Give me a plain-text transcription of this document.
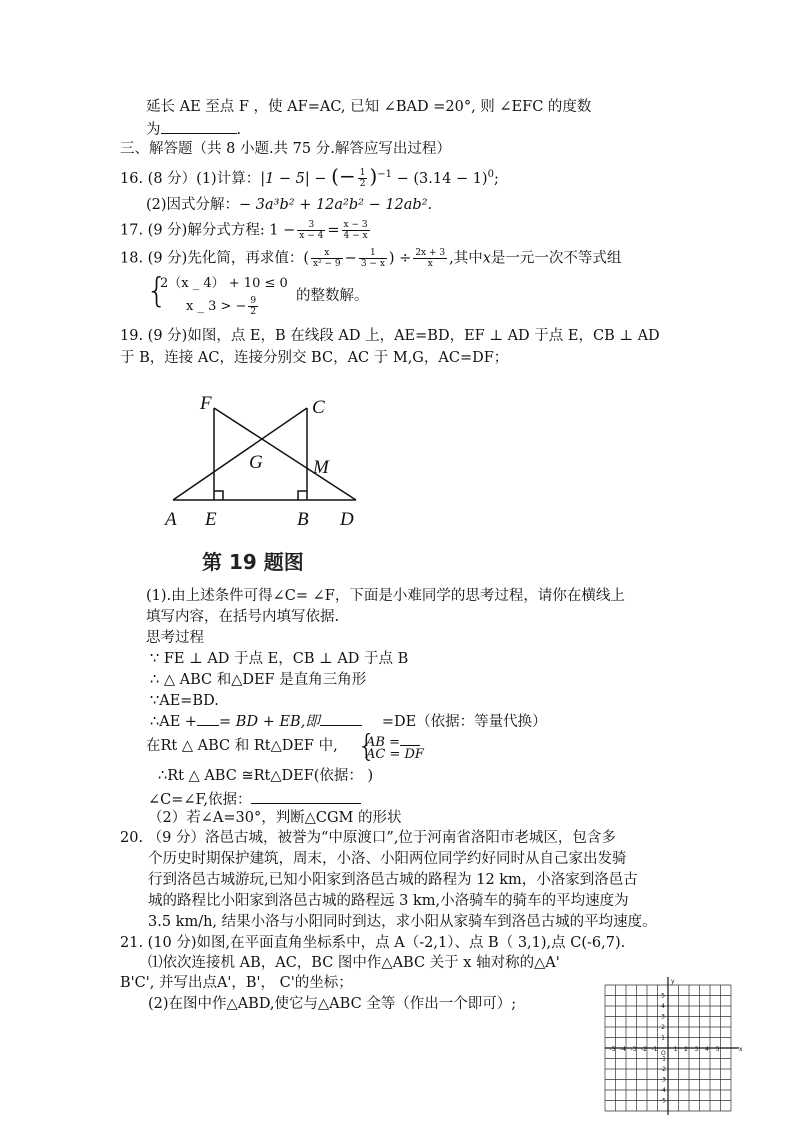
延长 AE 至点 F ，使 AF=AC, 已知 ∠BAD =20°, 则 ∠EFC 的度数
为	.
三、解答题（共 8 小题.共 75 分.解答应写出过程）
16. (8 分）(1)计算：|1 − 5| − (− $\frac{1}{2} )^{-1} - (3.14 - 1)^0$;
(2)因式分解：− 3a³b² + 12a²b² − 12ab².
17. (9 分)解分式方程: $1 - \frac{3}{x - 4} = \frac{x - 3}{4 - x}$
18. (9 分)先化简，再求值：( $\frac{x}{\text{x² − 9}} - \frac{1}{3 - x}$ ) ÷ $\frac{2x + 3}{x}$ ,其中x是一元一次不等式组
{
2（x _ 4） + 10 ≤ 0
x _ 3 > − $\frac{9}{2}$	的整数解。
19. (9 分)如图，点 E，B 在线段 AD 上，AE=BD，EF ⊥ AD 于点 E，CB ⊥ AD
于 B，连接 AC，连接分别交 BC，AC 于 M,G，AC=DF；
A E	B D
F	C
G	M
第 19 题图
(1).由上述条件可得∠C= ∠F，下面是小难同学的思考过程，请你在横线上
填写内容，在括号内填写依据.
思考过程
∵ FE ⊥ AD 于点 E，CB ⊥ AD 于点 B
∴ △ ABC 和△DEF 是直角三角形
∵AE=BD.
∴AE + = BD + EB,即	=DE（依据：等量代换）
在Rt △ ABC 和 Rt△DEF 中, {
AB =
AC = DF
∴Rt △ ABC ≅Rt△DEF(依据： )
∠C=∠F,依据：
（2）若∠A=30°，判断△CGM 的形状
20. （9 分）洛邑古城，被誉为“中原渡口”,位于河南省洛阳市老城区，包含多
个历史时期保护建筑，周末，小洛、小阳两位同学约好同时从自己家出发骑
行到洛邑古城游玩,已知小阳家到洛邑古城的路程为 12 km，小洛家到洛邑古
城的路程比小阳家到洛邑古城的路程远 3 km,小洛骑车的骑车的平均速度为
3.5 km/h, 结果小洛与小阳同时到达，求小阳从家骑车到洛邑古城的平均速度。
21. (10 分)如图,在平面直角坐标系中，点 A（-2,1）、点 B（ 3,1),点 C(-6,7).
⑴依次连接机 AB，AC，BC 图中作△ABC 关于 x 轴对称的△A'
B'C', 并写出点A'，B'， C'的坐标；
(2)在图中作△ABD,使它与△ABC 全等（作出一个即可）;
x
y
O
-5 -4 -3 -2 -1	1 2 3 4 5
5
4
3
2
1
-1
-2
-3
-4
-5
